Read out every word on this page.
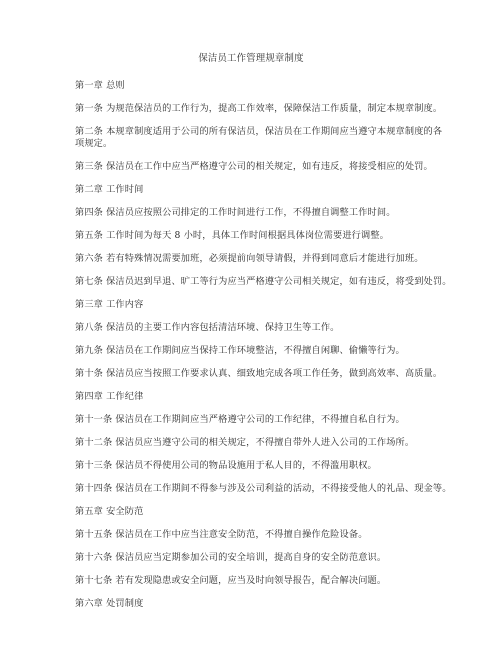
保洁员工作管理规章制度
第一章 总则
第一条 为规范保洁员的工作行为，提高工作效率，保障保洁工作质量，制定本规章制度。
第二条 本规章制度适用于公司的所有保洁员，保洁员在工作期间应当遵守本规章制度的各
项规定。
第三条 保洁员在工作中应当严格遵守公司的相关规定，如有违反，将接受相应的处罚。
第二章 工作时间
第四条 保洁员应按照公司排定的工作时间进行工作，不得擅自调整工作时间。
第五条 工作时间为每天 8 小时，具体工作时间根据具体岗位需要进行调整。
第六条 若有特殊情况需要加班，必须提前向领导请假，并得到同意后才能进行加班。
第七条 保洁员迟到早退、旷工等行为应当严格遵守公司相关规定，如有违反，将受到处罚。
第三章 工作内容
第八条 保洁员的主要工作内容包括清洁环境、保持卫生等工作。
第九条 保洁员在工作期间应当保持工作环境整洁，不得擅自闲聊、偷懒等行为。
第十条 保洁员应当按照工作要求认真、细致地完成各项工作任务，做到高效率、高质量。
第四章 工作纪律
第十一条 保洁员在工作期间应当严格遵守公司的工作纪律，不得擅自私自行为。
第十二条 保洁员应当遵守公司的相关规定，不得擅自带外人进入公司的工作场所。
第十三条 保洁员不得使用公司的物品设施用于私人目的，不得滥用职权。
第十四条 保洁员在工作期间不得参与涉及公司利益的活动，不得接受他人的礼品、现金等。
第五章 安全防范
第十五条 保洁员在工作中应当注意安全防范，不得擅自操作危险设备。
第十六条 保洁员应当定期参加公司的安全培训，提高自身的安全防范意识。
第十七条 若有发现隐患或安全问题，应当及时向领导报告，配合解决问题。
第六章 处罚制度
